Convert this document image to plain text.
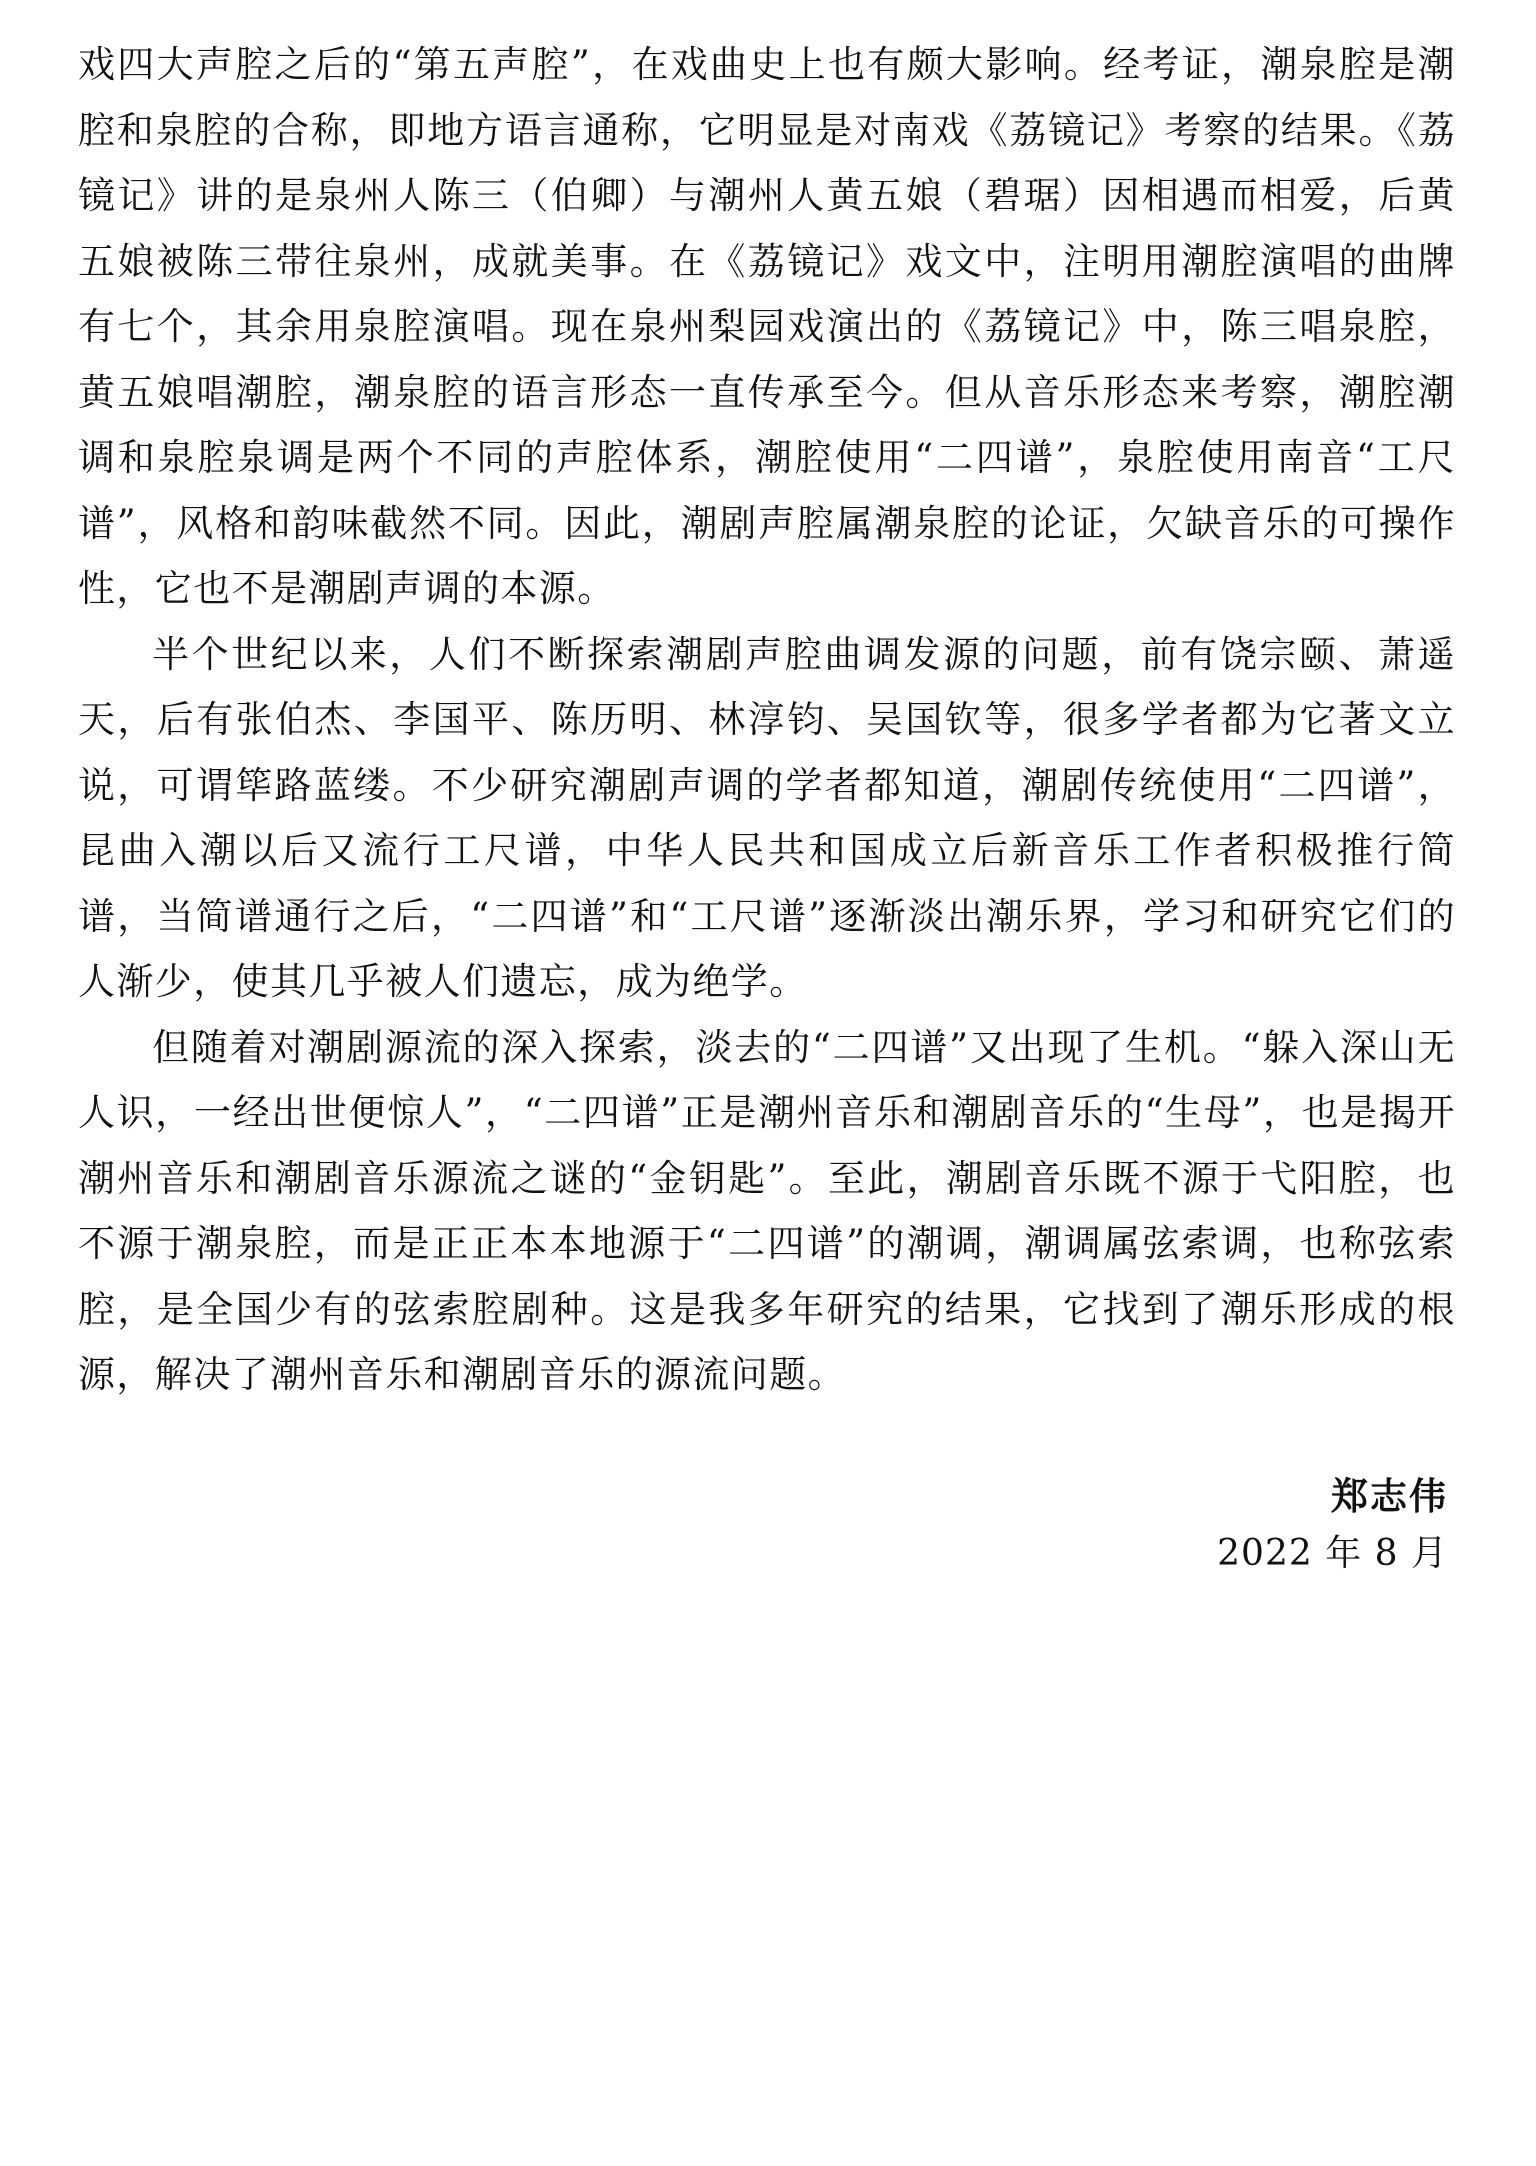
戏四大声腔之后的“第五声腔”，在戏曲史上也有颇大影响。经考证，潮泉腔是潮腔和泉腔的合称，即地方语言通称，它明显是对南戏《荔镜记》考察的结果。《荔镜记》讲的是泉州人陈三（伯卿）与潮州人黄五娘（碧琚）因相遇而相爱，后黄五娘被陈三带往泉州，成就美事。在《荔镜记》戏文中，注明用潮腔演唱的曲牌有七个，其余用泉腔演唱。现在泉州梨园戏演出的《荔镜记》中，陈三唱泉腔，黄五娘唱潮腔，潮泉腔的语言形态一直传承至今。但从音乐形态来考察，潮腔潮调和泉腔泉调是两个不同的声腔体系，潮腔使用“二四谱”，泉腔使用南音“工尺谱”，风格和韵味截然不同。因此，潮剧声腔属潮泉腔的论证，欠缺音乐的可操作性，它也不是潮剧声调的本源。

半个世纪以来，人们不断探索潮剧声腔曲调发源的问题，前有饶宗颐、萧遥天，后有张伯杰、李国平、陈历明、林淳钧、吴国钦等，很多学者都为它著文立说，可谓筚路蓝缕。不少研究潮剧声调的学者都知道，潮剧传统使用“二四谱”，昆曲入潮以后又流行工尺谱，中华人民共和国成立后新音乐工作者积极推行简谱，当简谱通行之后，“二四谱”和“工尺谱”逐渐淡出潮乐界，学习和研究它们的人渐少，使其几乎被人们遗忘，成为绝学。

但随着对潮剧源流的深入探索，淡去的“二四谱”又出现了生机。“躲入深山无人识，一经出世便惊人”，“二四谱”正是潮州音乐和潮剧音乐的“生母”，也是揭开潮州音乐和潮剧音乐源流之谜的“金钥匙”。至此，潮剧音乐既不源于弋阳腔，也不源于潮泉腔，而是正正本本地源于“二四谱”的潮调，潮调属弦索调，也称弦索腔，是全国少有的弦索腔剧种。这是我多年研究的结果，它找到了潮乐形成的根源，解决了潮州音乐和潮剧音乐的源流问题。

郑志伟
2022 年 8 月
